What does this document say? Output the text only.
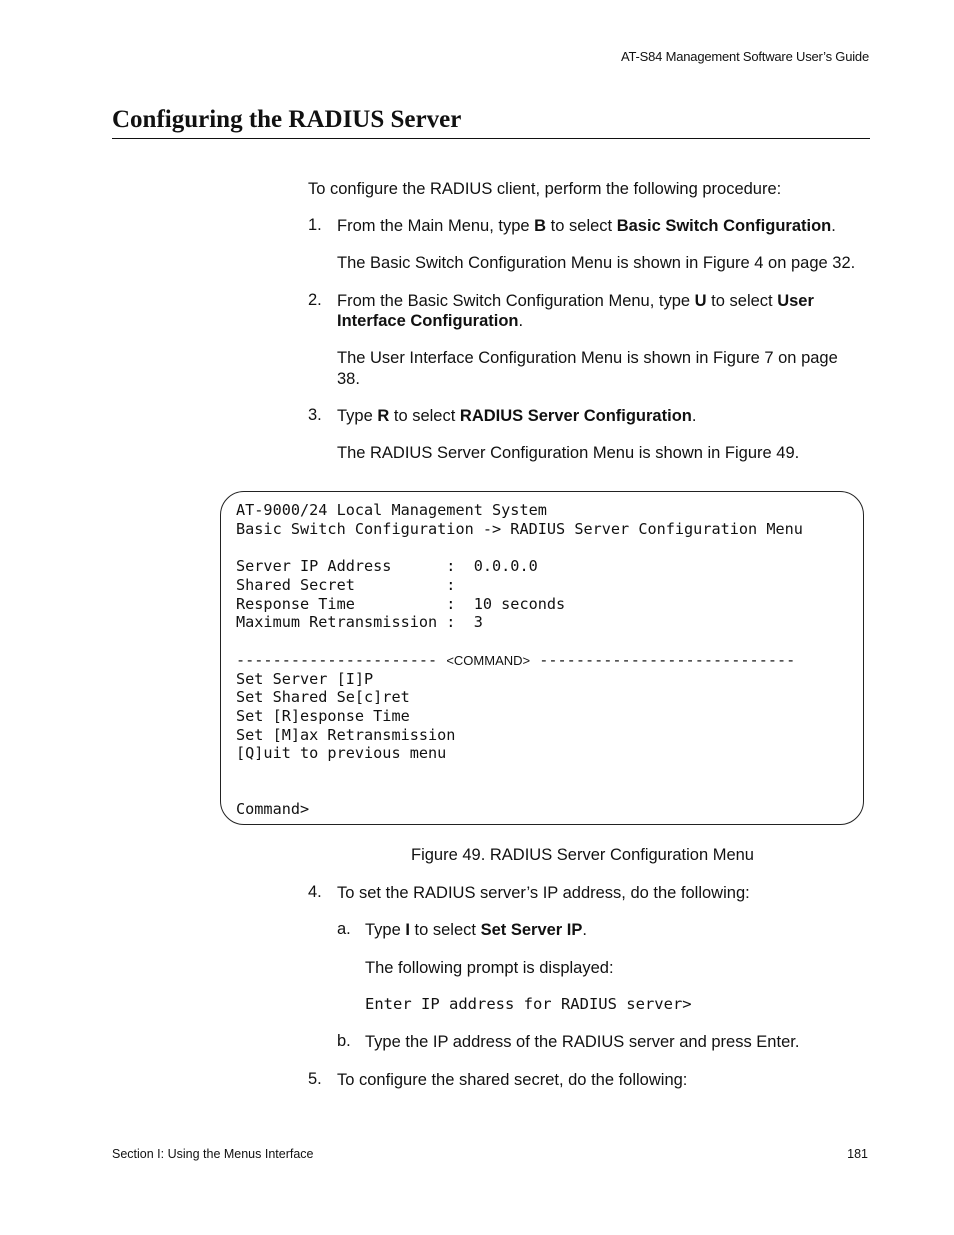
AT-S84 Management Software User’s Guide
Configuring the RADIUS Server
To configure the RADIUS client, perform the following procedure:
1. From the Main Menu, type B to select Basic Switch Configuration.
The Basic Switch Configuration Menu is shown in Figure 4 on page 32.
2. From the Basic Switch Configuration Menu, type U to select User
Interface Configuration.
The User Interface Configuration Menu is shown in Figure 7 on page
38.
3. Type R to select RADIUS Server Configuration.
The RADIUS Server Configuration Menu is shown in Figure 49.
AT-9000/24 Local Management System
Basic Switch Configuration -> RADIUS Server Configuration Menu
Server IP Address      :  0.0.0.0
Shared Secret          :
Response Time          :  10 seconds
Maximum Retransmission :  3
---------------------- <COMMAND> ----------------------------
Set Server [I]P
Set Shared Se[c]ret
Set [R]esponse Time
Set [M]ax Retransmission
[Q]uit to previous menu
Command>
Figure 49. RADIUS Server Configuration Menu
4. To set the RADIUS server’s IP address, do the following:
a. Type I to select Set Server IP.
The following prompt is displayed:
Enter IP address for RADIUS server>
b. Type the IP address of the RADIUS server and press Enter.
5. To configure the shared secret, do the following:
Section I: Using the Menus Interface	181
